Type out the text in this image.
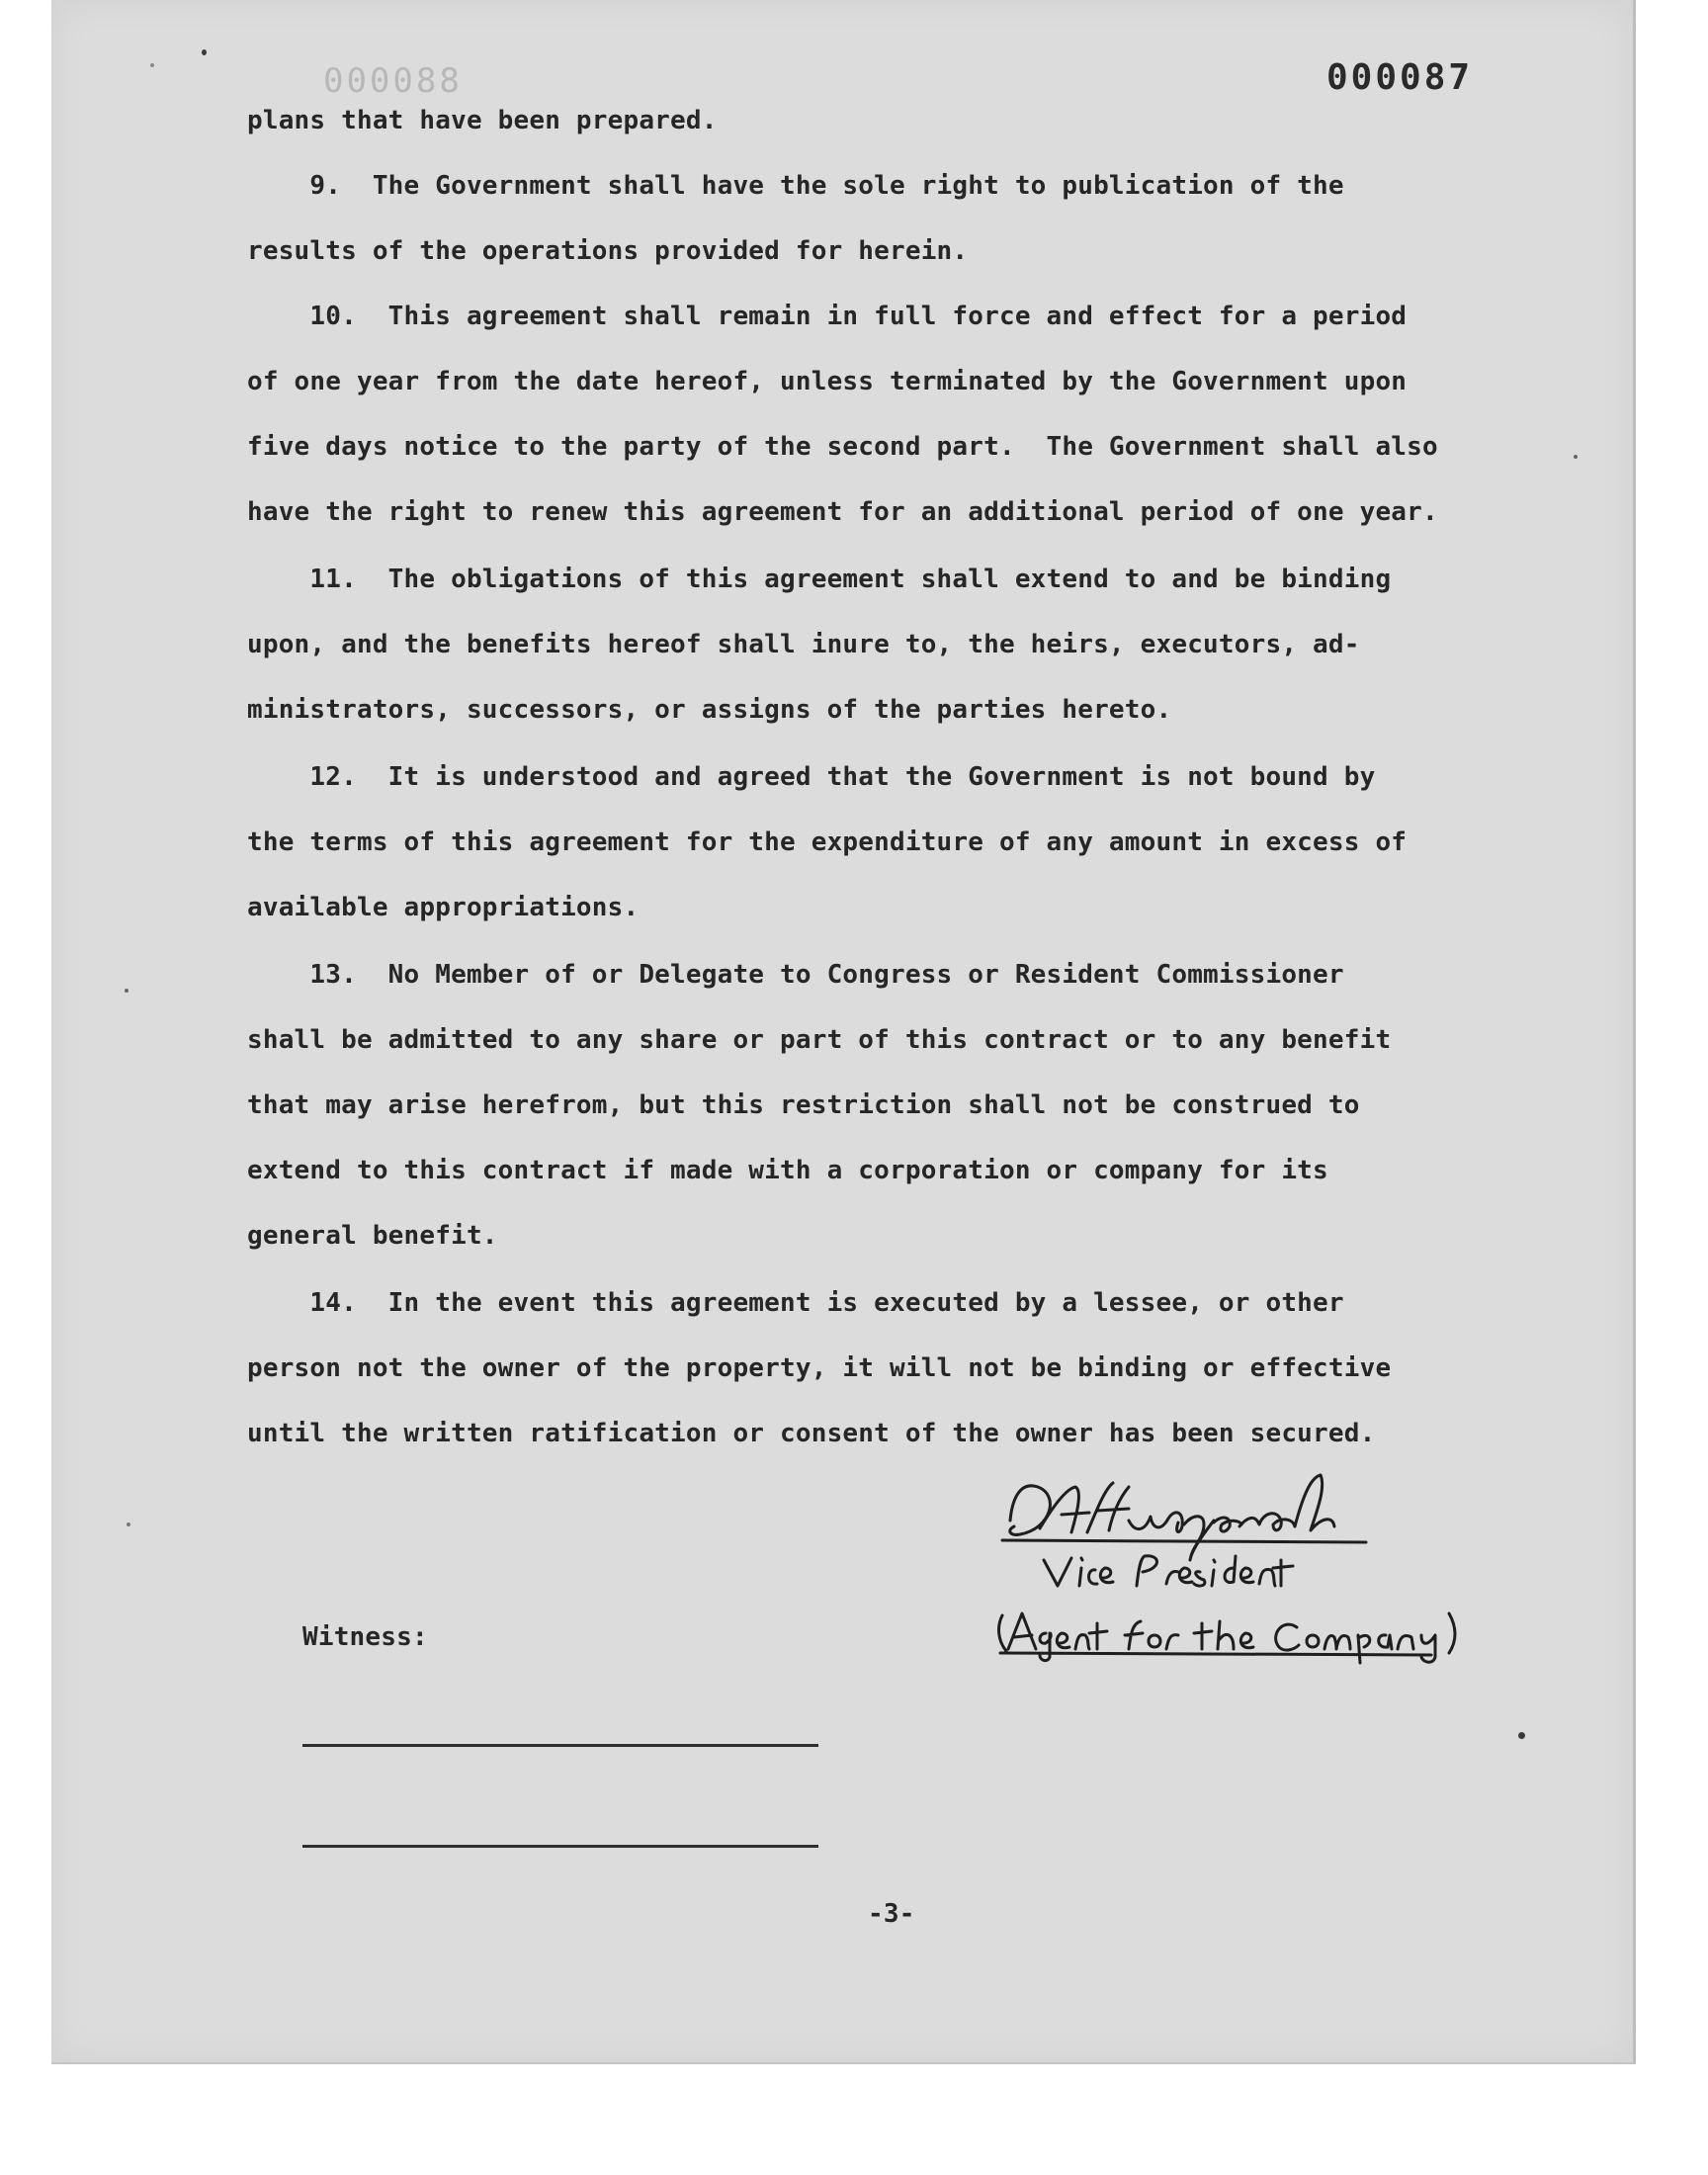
880000	000087

plans that have been prepared.

9.  The Government shall have the sole right to publication of the

results of the operations provided for herein.

10.  This agreement shall remain in full force and effect for a period

of one year from the date hereof, unless terminated by the Government upon

five days notice to the party of the second part.  The Government shall also

have the right to renew this agreement for an additional period of one year.

11.  The obligations of this agreement shall extend to and be binding

upon, and the benefits hereof shall inure to, the heirs, executors, ad-

ministrators, successors, or assigns of the parties hereto.

12.  It is understood and agreed that the Government is not bound by

the terms of this agreement for the expenditure of any amount in excess of

available appropriations.

13.  No Member of or Delegate to Congress or Resident Commissioner

shall be admitted to any share or part of this contract or to any benefit

that may arise herefrom, but this restriction shall not be construed to

extend to this contract if made with a corporation or company for its

general benefit.

14.  In the event this agreement is executed by a lessee, or other

person not the owner of the property, it will not be binding or effective

until the written ratification or consent of the owner has been secured.

Witness:
-3-
